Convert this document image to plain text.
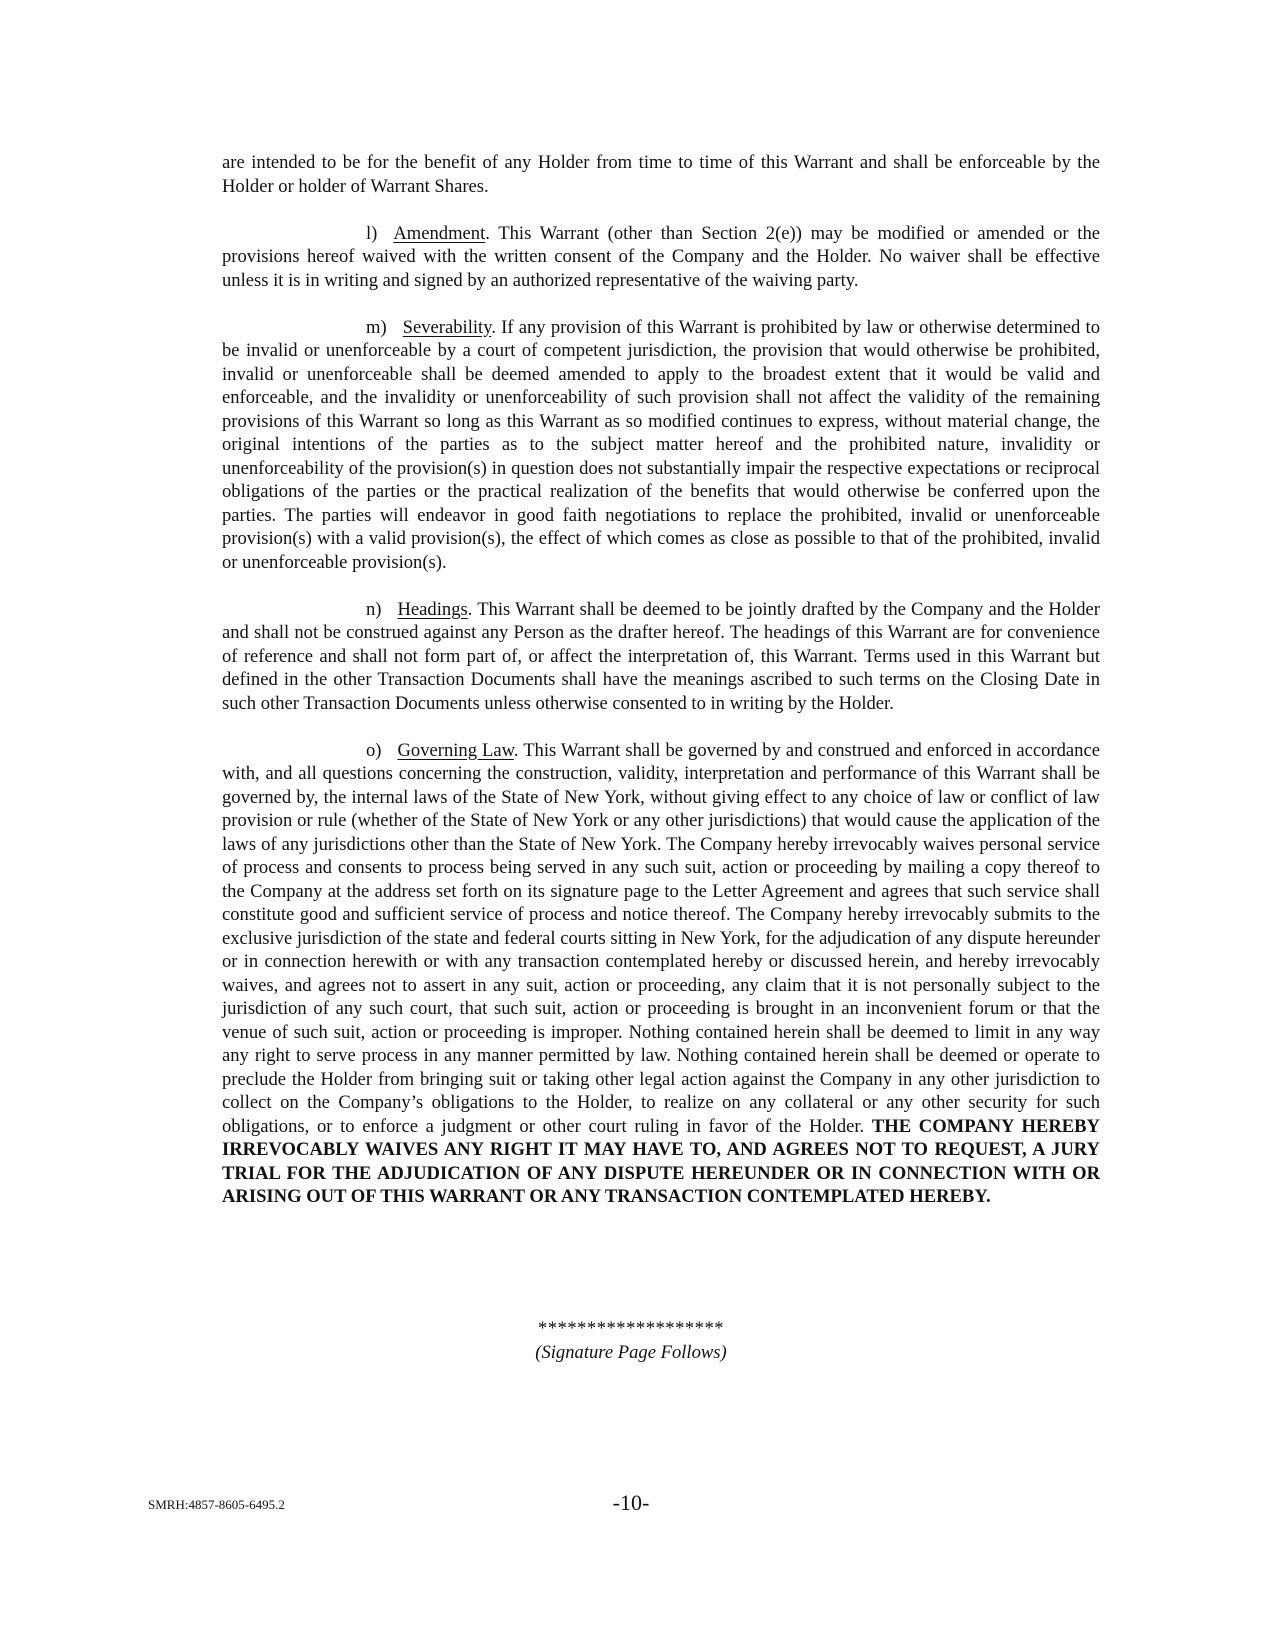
are intended to be for the benefit of any Holder from time to time of this Warrant and shall be enforceable by the Holder or holder of Warrant Shares.

l) Amendment. This Warrant (other than Section 2(e)) may be modified or amended or the provisions hereof waived with the written consent of the Company and the Holder. No waiver shall be effective unless it is in writing and signed by an authorized representative of the waiving party.

m) Severability. If any provision of this Warrant is prohibited by law or otherwise determined to be invalid or unenforceable by a court of competent jurisdiction, the provision that would otherwise be prohibited, invalid or unenforceable shall be deemed amended to apply to the broadest extent that it would be valid and enforceable, and the invalidity or unenforceability of such provision shall not affect the validity of the remaining provisions of this Warrant so long as this Warrant as so modified continues to express, without material change, the original intentions of the parties as to the subject matter hereof and the prohibited nature, invalidity or unenforceability of the provision(s) in question does not substantially impair the respective expectations or reciprocal obligations of the parties or the practical realization of the benefits that would otherwise be conferred upon the parties. The parties will endeavor in good faith negotiations to replace the prohibited, invalid or unenforceable provision(s) with a valid provision(s), the effect of which comes as close as possible to that of the prohibited, invalid or unenforceable provision(s).

n) Headings. This Warrant shall be deemed to be jointly drafted by the Company and the Holder and shall not be construed against any Person as the drafter hereof. The headings of this Warrant are for convenience of reference and shall not form part of, or affect the interpretation of, this Warrant. Terms used in this Warrant but defined in the other Transaction Documents shall have the meanings ascribed to such terms on the Closing Date in such other Transaction Documents unless otherwise consented to in writing by the Holder.

o) Governing Law. This Warrant shall be governed by and construed and enforced in accordance with, and all questions concerning the construction, validity, interpretation and performance of this Warrant shall be governed by, the internal laws of the State of New York, without giving effect to any choice of law or conflict of law provision or rule (whether of the State of New York or any other jurisdictions) that would cause the application of the laws of any jurisdictions other than the State of New York. The Company hereby irrevocably waives personal service of process and consents to process being served in any such suit, action or proceeding by mailing a copy thereof to the Company at the address set forth on its signature page to the Letter Agreement and agrees that such service shall constitute good and sufficient service of process and notice thereof. The Company hereby irrevocably submits to the exclusive jurisdiction of the state and federal courts sitting in New York, for the adjudication of any dispute hereunder or in connection herewith or with any transaction contemplated hereby or discussed herein, and hereby irrevocably waives, and agrees not to assert in any suit, action or proceeding, any claim that it is not personally subject to the jurisdiction of any such court, that such suit, action or proceeding is brought in an inconvenient forum or that the venue of such suit, action or proceeding is improper. Nothing contained herein shall be deemed to limit in any way any right to serve process in any manner permitted by law. Nothing contained herein shall be deemed or operate to preclude the Holder from bringing suit or taking other legal action against the Company in any other jurisdiction to collect on the Company’s obligations to the Holder, to realize on any collateral or any other security for such obligations, or to enforce a judgment or other court ruling in favor of the Holder. THE COMPANY HEREBY IRREVOCABLY WAIVES ANY RIGHT IT MAY HAVE TO, AND AGREES NOT TO REQUEST, A JURY TRIAL FOR THE ADJUDICATION OF ANY DISPUTE HEREUNDER OR IN CONNECTION WITH OR ARISING OUT OF THIS WARRANT OR ANY TRANSACTION CONTEMPLATED HEREBY.

*******************
(Signature Page Follows)
SMRH:4857-8605-6495.2	-10-
